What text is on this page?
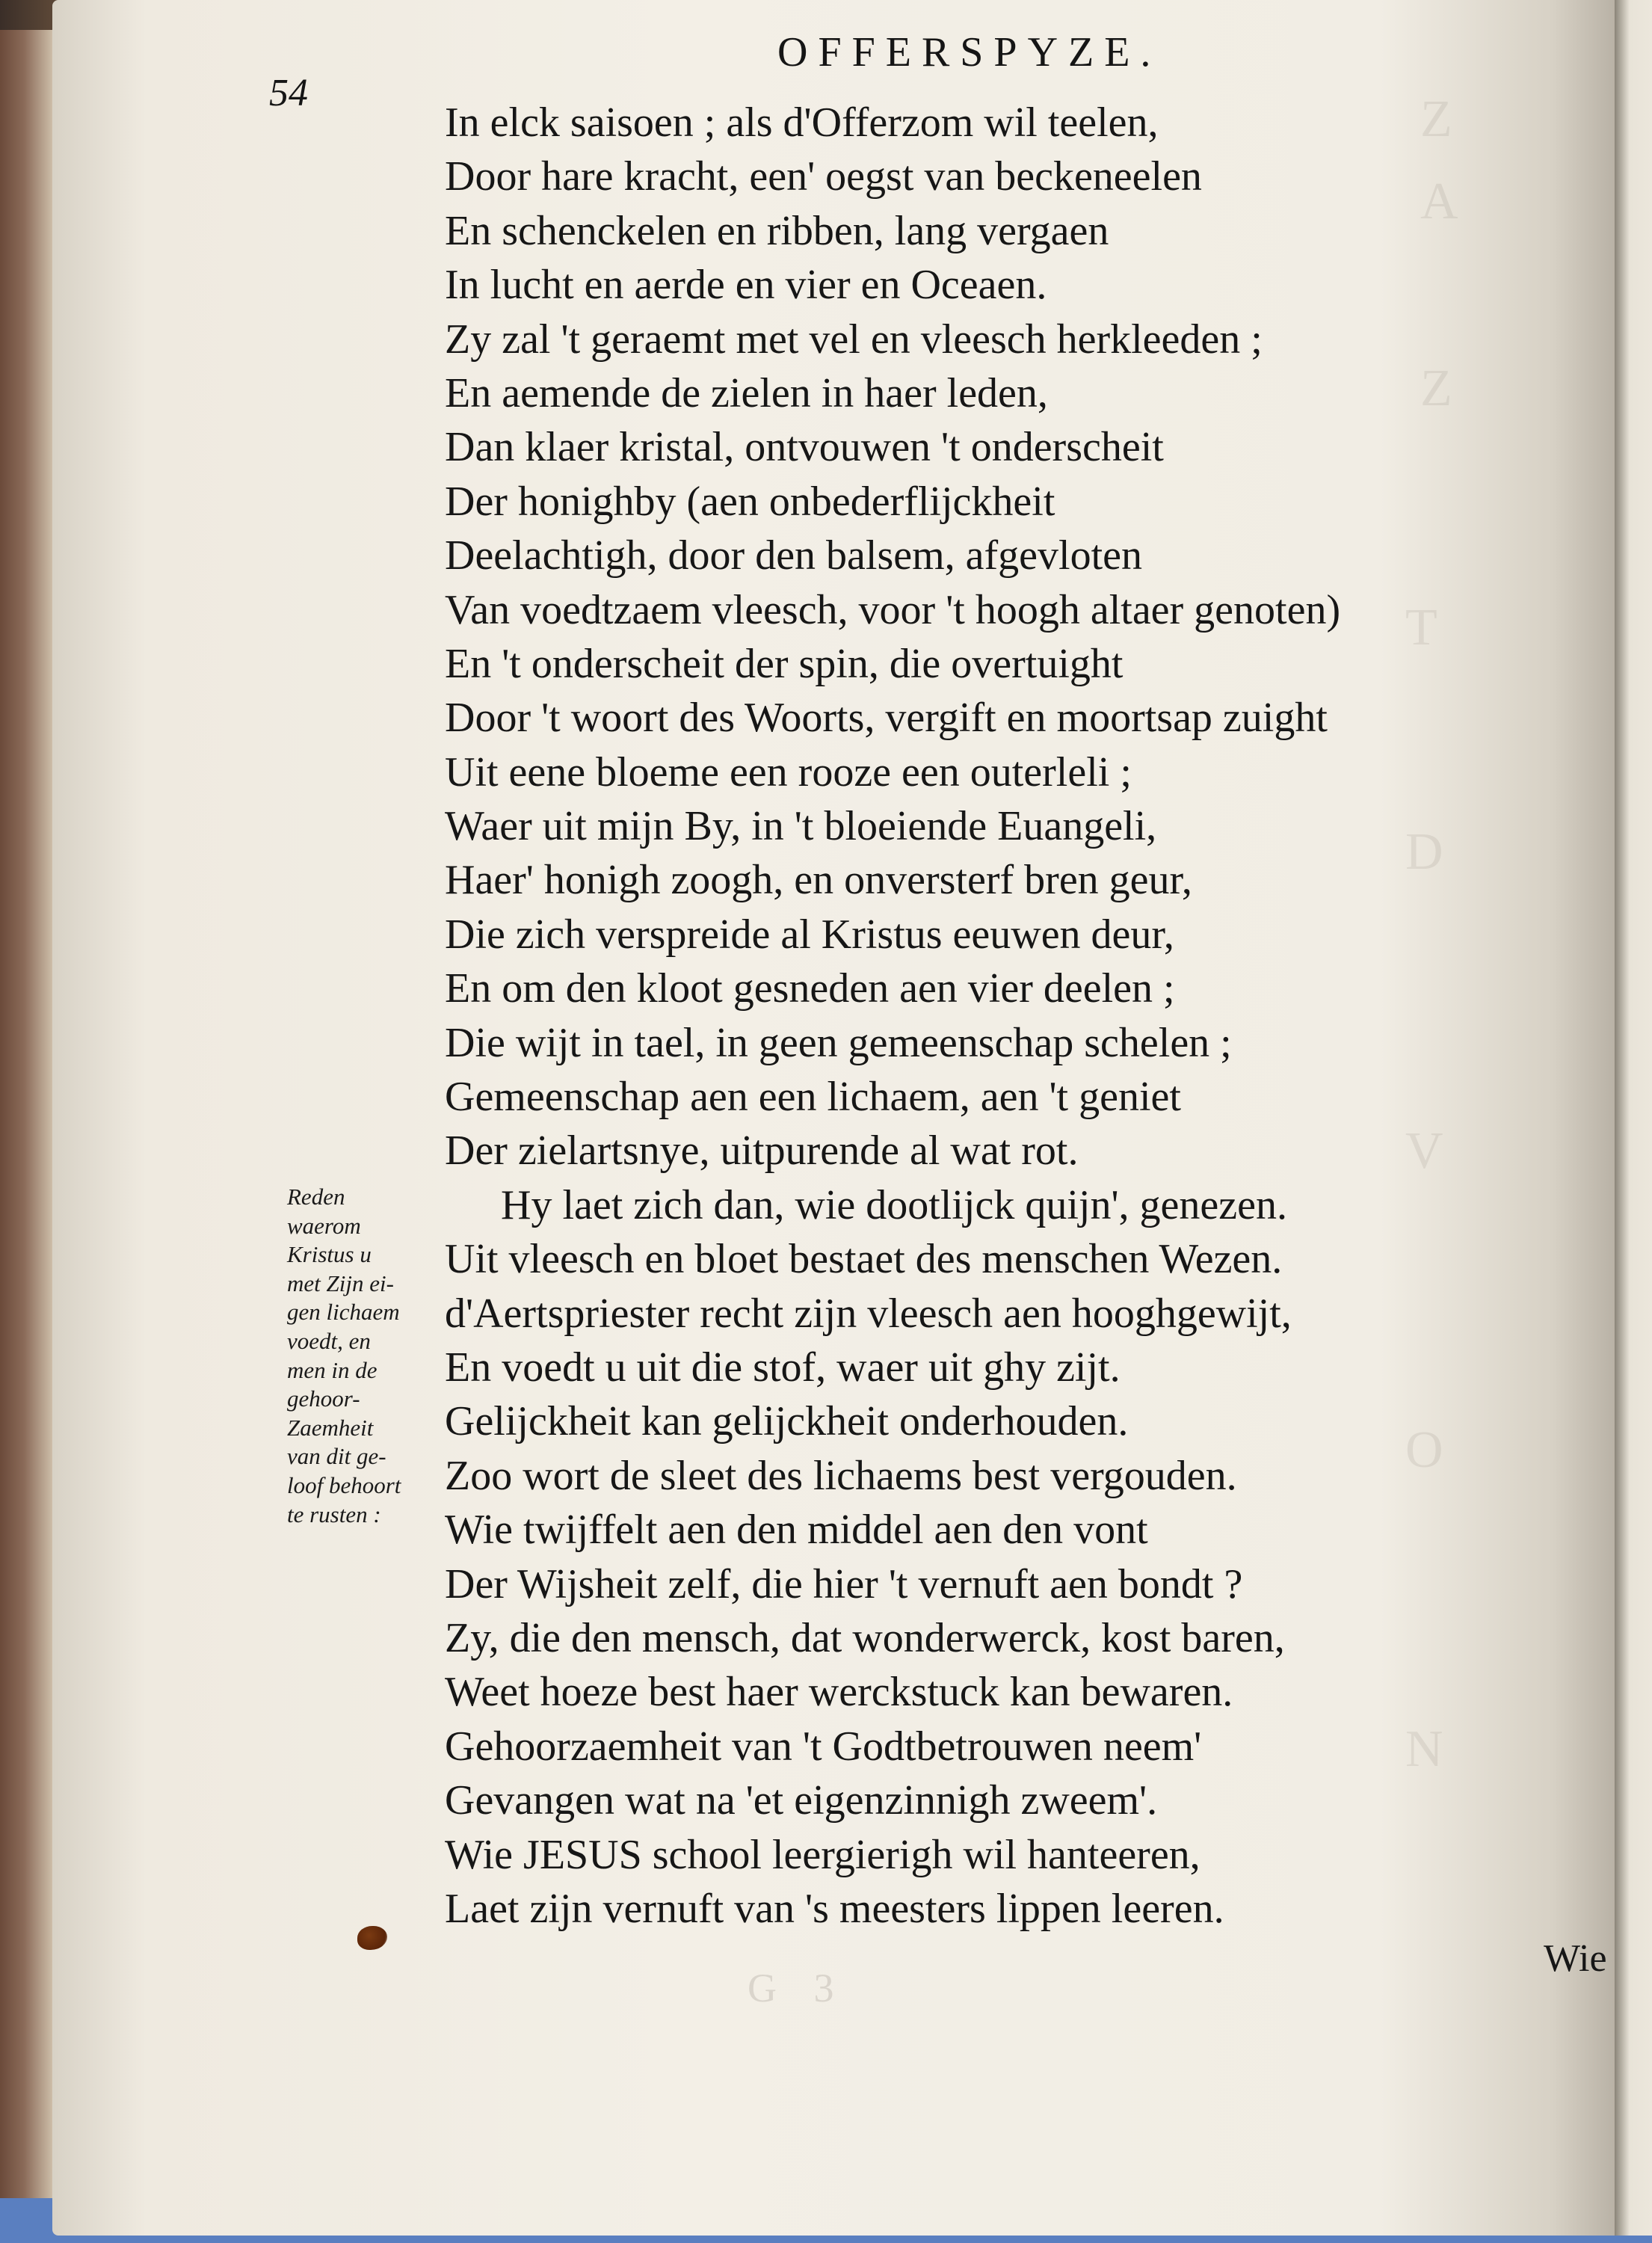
Z
A
Z
T
D
V
O
N
OFFERSPYZE.
54
In elck saisoen ; als d'Offerzom wil teelen,
Door hare kracht, een' oegst van beckeneelen
En schenckelen en ribben, lang vergaen
In lucht en aerde en vier en Oceaen.
Zy zal 't geraemt met vel en vleesch herkleeden ;
En aemende de zielen in haer leden,
Dan klaer kristal, ontvouwen 't onderscheit
Der honighby (aen onbederflijckheit
Deelachtigh, door den balsem, afgevloten
Van voedtzaem vleesch, voor 't hoogh altaer genoten)
En 't onderscheit der spin, die overtuight
Door 't woort des Woorts, vergift en moortsap zuight
Uit eene bloeme een rooze een outerleli ;
Waer uit mijn By, in 't bloeiende Euangeli,
Haer' honigh zoogh, en onversterf bren geur,
Die zich verspreide al Kristus eeuwen deur,
En om den kloot gesneden aen vier deelen ;
Die wijt in tael, in geen gemeenschap schelen ;
Gemeenschap aen een lichaem, aen 't geniet
Der zielartsnye, uitpurende al wat rot.
Hy laet zich dan, wie dootlijck quijn', genezen.
Uit vleesch en bloet bestaet des menschen Wezen.
d'Aertspriester recht zijn vleesch aen hooghgewijt,
En voedt u uit die stof, waer uit ghy zijt.
Gelijckheit kan gelijckheit onderhouden.
Zoo wort de sleet des lichaems best vergouden.
Wie twijffelt aen den middel aen den vont
Der Wijsheit zelf, die hier 't vernuft aen bondt ?
Zy, die den mensch, dat wonderwerck, kost baren,
Weet hoeze best haer werckstuck kan bewaren.
Gehoorzaemheit van 't Godtbetrouwen neem'
Gevangen wat na 'et eigenzinnigh zweem'.
Wie JESUS school leergierigh wil hanteeren,
Laet zijn vernuft van 's meesters lippen leeren.
Reden
waerom
Kristus u
met Zijn ei-
gen lichaem
voedt, en
men in de
gehoor-
Zaemheit
van dit ge-
loof behoort
te rusten :
G 3
Wie
